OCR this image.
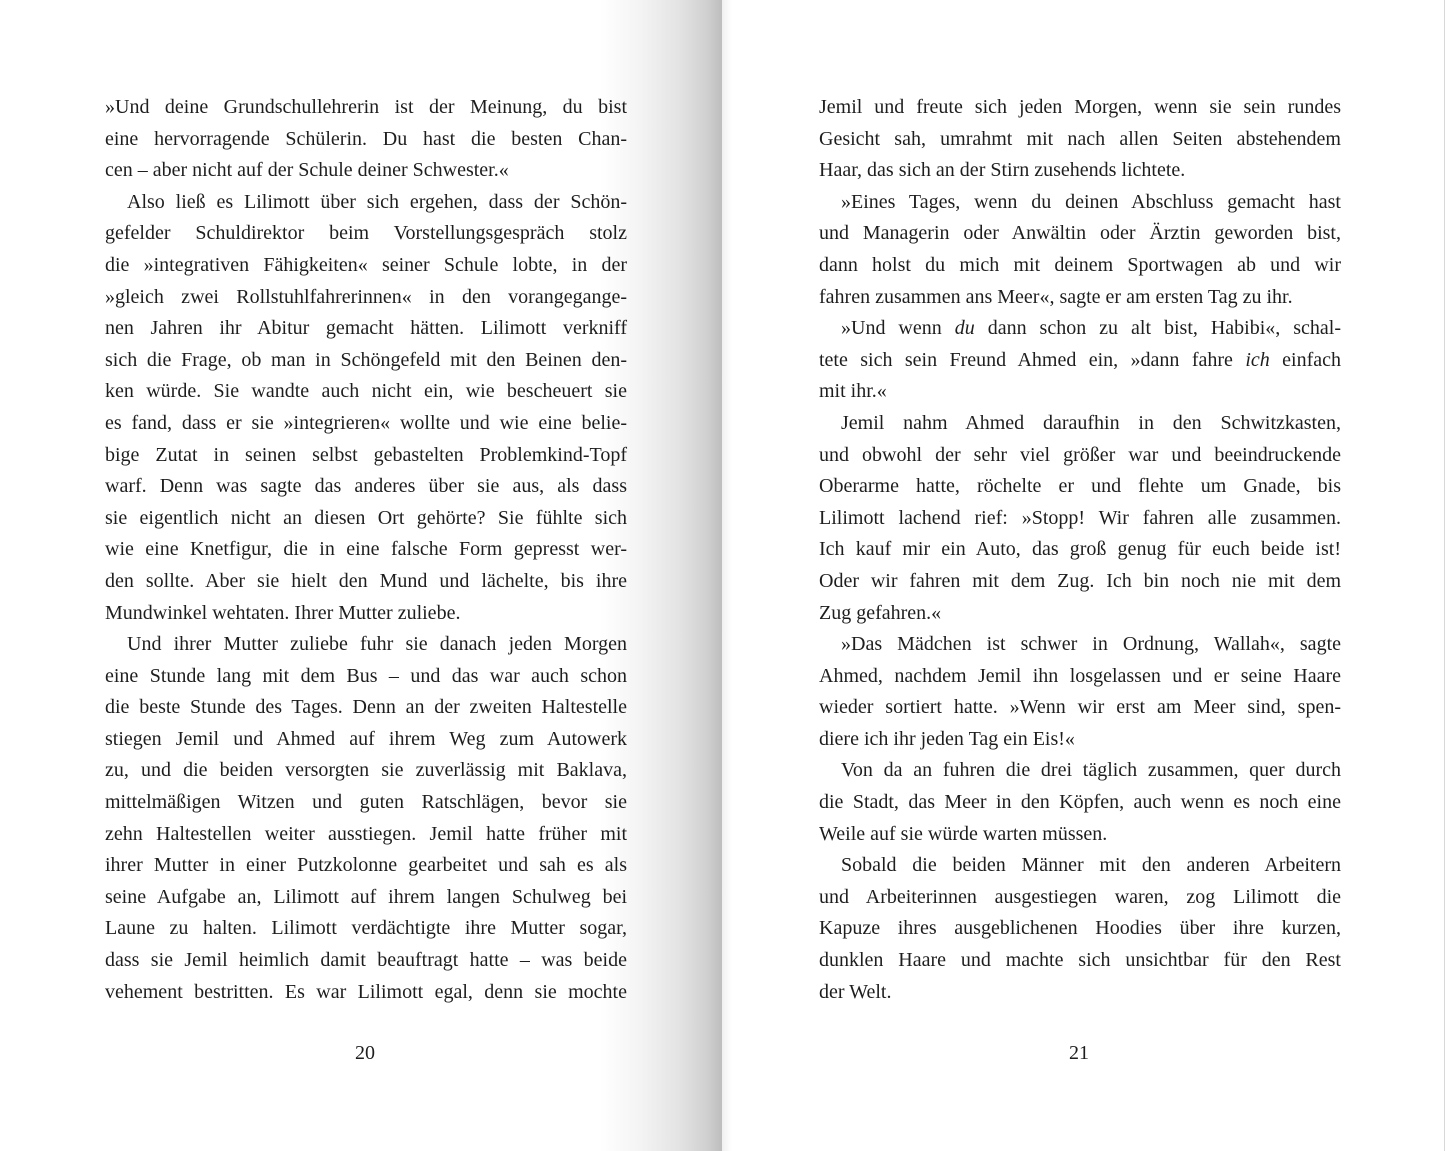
»Und deine Grundschullehrerin ist der Meinung, du bist
eine hervorragende Schülerin. Du hast die besten Chan-
cen – aber nicht auf der Schule deiner Schwester.«
Also ließ es Lilimott über sich ergehen, dass der Schön-
gefelder Schuldirektor beim Vorstellungsgespräch stolz
die »integrativen Fähigkeiten« seiner Schule lobte, in der
»gleich zwei Rollstuhlfahrerinnen« in den vorangegange-
nen Jahren ihr Abitur gemacht hätten. Lilimott verkniff
sich die Frage, ob man in Schöngefeld mit den Beinen den-
ken würde. Sie wandte auch nicht ein, wie bescheuert sie
es fand, dass er sie »integrieren« wollte und wie eine belie-
bige Zutat in seinen selbst gebastelten Problemkind-Topf
warf. Denn was sagte das anderes über sie aus, als dass
sie eigentlich nicht an diesen Ort gehörte? Sie fühlte sich
wie eine Knetfigur, die in eine falsche Form gepresst wer-
den sollte. Aber sie hielt den Mund und lächelte, bis ihre
Mundwinkel wehtaten. Ihrer Mutter zuliebe.
Und ihrer Mutter zuliebe fuhr sie danach jeden Morgen
eine Stunde lang mit dem Bus – und das war auch schon
die beste Stunde des Tages. Denn an der zweiten Haltestelle
stiegen Jemil und Ahmed auf ihrem Weg zum Autowerk
zu, und die beiden versorgten sie zuverlässig mit Baklava,
mittelmäßigen Witzen und guten Ratschlägen, bevor sie
zehn Haltestellen weiter ausstiegen. Jemil hatte früher mit
ihrer Mutter in einer Putzkolonne gearbeitet und sah es als
seine Aufgabe an, Lilimott auf ihrem langen Schulweg bei
Laune zu halten. Lilimott verdächtigte ihre Mutter sogar,
dass sie Jemil heimlich damit beauftragt hatte – was beide
vehement bestritten. Es war Lilimott egal, denn sie mochte
20
Jemil und freute sich jeden Morgen, wenn sie sein rundes
Gesicht sah, umrahmt mit nach allen Seiten abstehendem
Haar, das sich an der Stirn zusehends lichtete.
»Eines Tages, wenn du deinen Abschluss gemacht hast
und Managerin oder Anwältin oder Ärztin geworden bist,
dann holst du mich mit deinem Sportwagen ab und wir
fahren zusammen ans Meer«, sagte er am ersten Tag zu ihr.
»Und wenn du dann schon zu alt bist, Habibi«, schal-
tete sich sein Freund Ahmed ein, »dann fahre ich einfach
mit ihr.«
Jemil nahm Ahmed daraufhin in den Schwitzkasten,
und obwohl der sehr viel größer war und beeindruckende
Oberarme hatte, röchelte er und flehte um Gnade, bis
Lilimott lachend rief: »Stopp! Wir fahren alle zusammen.
Ich kauf mir ein Auto, das groß genug für euch beide ist!
Oder wir fahren mit dem Zug. Ich bin noch nie mit dem
Zug gefahren.«
»Das Mädchen ist schwer in Ordnung, Wallah«, sagte
Ahmed, nachdem Jemil ihn losgelassen und er seine Haare
wieder sortiert hatte. »Wenn wir erst am Meer sind, spen-
diere ich ihr jeden Tag ein Eis!«
Von da an fuhren die drei täglich zusammen, quer durch
die Stadt, das Meer in den Köpfen, auch wenn es noch eine
Weile auf sie würde warten müssen.
Sobald die beiden Männer mit den anderen Arbeitern
und Arbeiterinnen ausgestiegen waren, zog Lilimott die
Kapuze ihres ausgeblichenen Hoodies über ihre kurzen,
dunklen Haare und machte sich unsichtbar für den Rest
der Welt.
21
